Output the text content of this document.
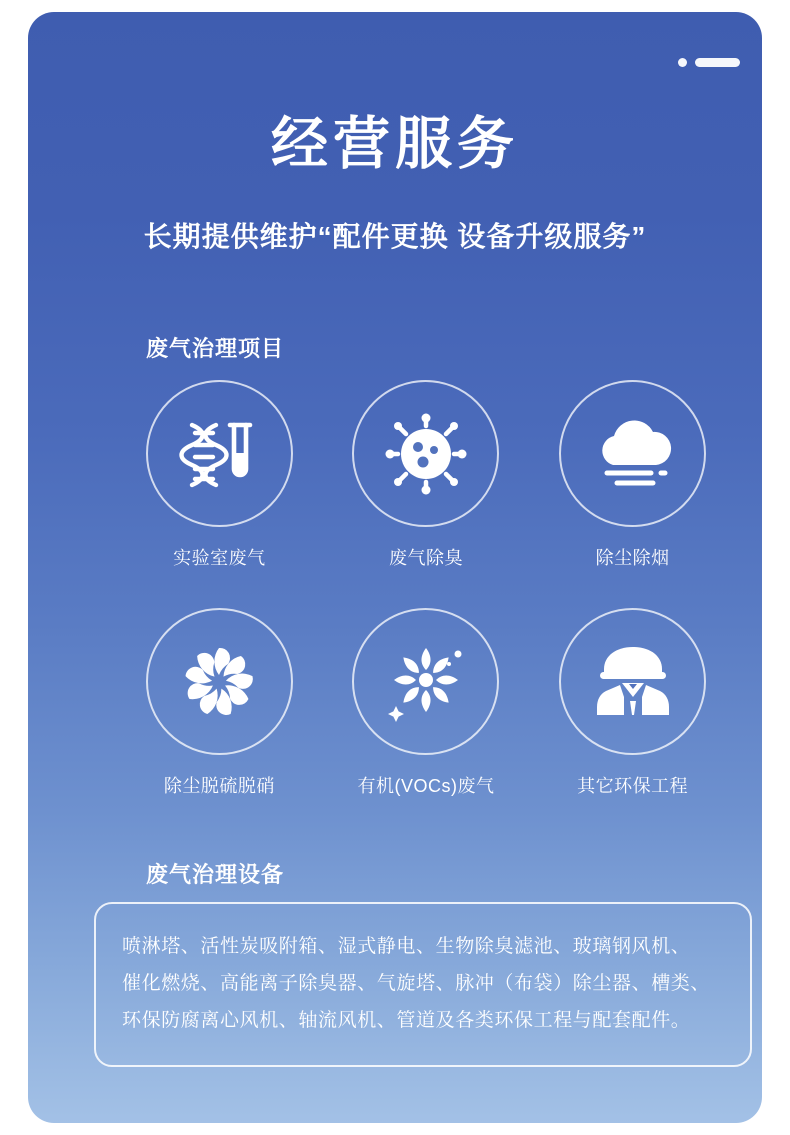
经营服务
长期提供维护“配件更换 设备升级服务”
废气治理项目
实验室废气	废气除臭	除尘除烟
除尘脱硫脱硝	有机(VOCs)废气	其它环保工程
废气治理设备
喷淋塔、活性炭吸附箱、湿式静电、生物除臭滤池、玻璃钢风机、
催化燃烧、高能离子除臭器、气旋塔、脉冲（布袋）除尘器、槽类、
环保防腐离心风机、轴流风机、管道及各类环保工程与配套配件。
